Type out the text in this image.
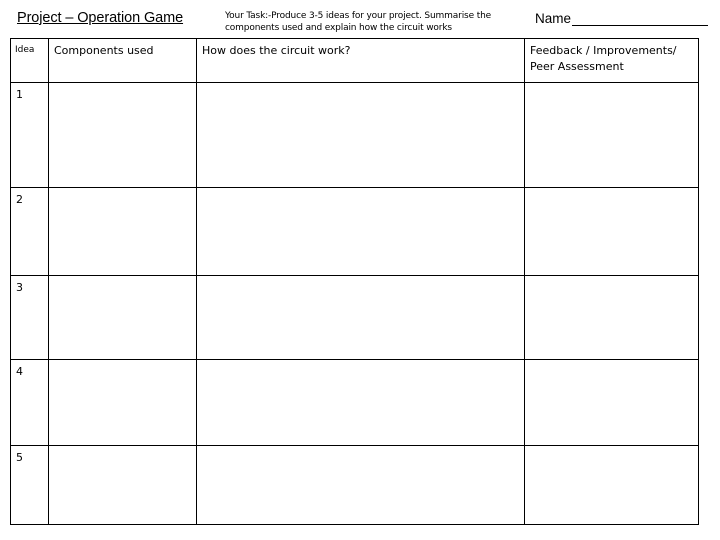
Project – Operation Game	Your Task:-Produce 3-5 ideas for your project. Summarise the components used and explain how the circuit works
Name
Idea	Components used	How does the circuit work?	Feedback / Improvements/ Peer Assessment
1			
2			
3			
4			
5			
